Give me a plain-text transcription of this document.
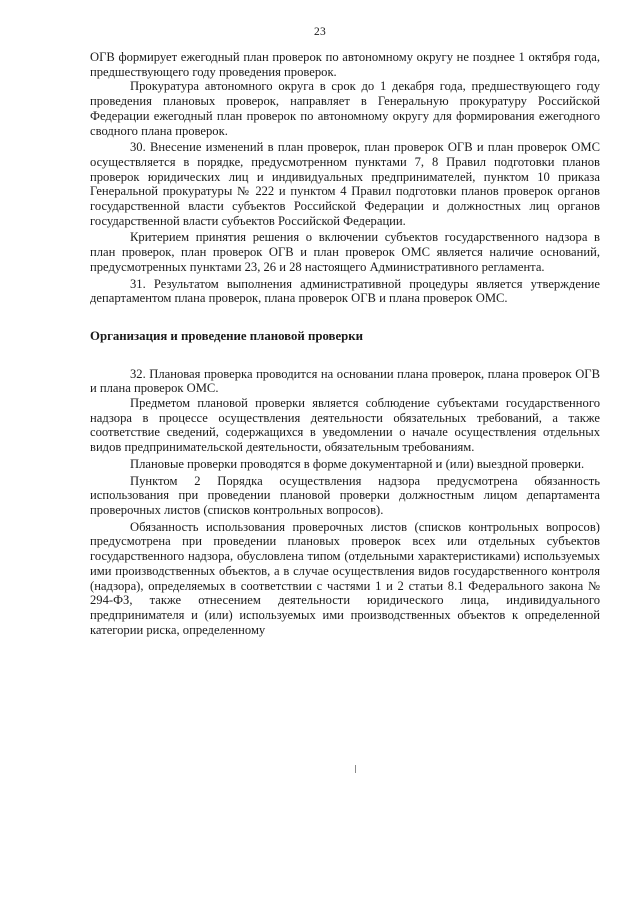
23

ОГВ формирует ежегодный план проверок по автономному округу не позднее 1 октября года, предшествующего году проведения проверок.

Прокуратура автономного округа в срок до 1 декабря года, предшествующего году проведения плановых проверок, направляет в Генеральную прокуратуру Российской Федерации ежегодный план проверок по автономному округу для формирования ежегодного сводного плана проверок.

30. Внесение изменений в план проверок, план проверок ОГВ и план проверок ОМС осуществляется в порядке, предусмотренном пунктами 7, 8 Правил подготовки планов проверок юридических лиц и индивидуальных предпринимателей, пунктом 10 приказа Генеральной прокуратуры № 222 и пунктом 4 Правил подготовки планов проверок органов государственной власти субъектов Российской Федерации и должностных лиц органов государственной власти субъектов Российской Федерации.

Критерием принятия решения о включении субъектов государственного надзора в план проверок, план проверок ОГВ и план проверок ОМС является наличие оснований, предусмотренных пунктами 23, 26 и 28 настоящего Административного регламента.

31. Результатом выполнения административной процедуры является утверждение департаментом плана проверок, плана проверок ОГВ и плана проверок ОМС.

Организация и проведение плановой проверки

32. Плановая проверка проводится на основании плана проверок, плана проверок ОГВ и плана проверок ОМС.

Предметом плановой проверки является соблюдение субъектами государственного надзора в процессе осуществления деятельности обязательных требований, а также соответствие сведений, содержащихся в уведомлении о начале осуществления отдельных видов предпринимательской деятельности, обязательным требованиям.

Плановые проверки проводятся в форме документарной и (или) выездной проверки.

Пунктом 2 Порядка осуществления надзора предусмотрена обязанность использования при проведении плановой проверки должностным лицом департамента проверочных листов (списков контрольных вопросов).

Обязанность использования проверочных листов (списков контрольных вопросов) предусмотрена при проведении плановых проверок всех или отдельных субъектов государственного надзора, обусловлена типом (отдельными характеристиками) используемых ими производственных объектов, а в случае осуществления видов государственного контроля (надзора), определяемых в соответствии с частями 1 и 2 статьи 8.1 Федерального закона № 294-ФЗ, также отнесением деятельности юридического лица, индивидуального предпринимателя и (или) используемых ими производственных объектов к определенной категории риска, определенному
